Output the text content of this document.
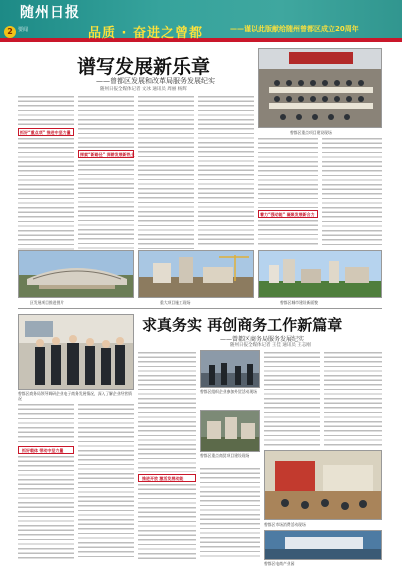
随州日报
2	要闻	品质 · 奋进之曾都	——谨以此版献给随州曾都区成立20周年
谱写发展新乐章
——曾都区发展和改革局服务发展纪实
随州日报全媒体记者 文冰 通讯员 周丽 杨辉
曾都区重点项目建设现场
抓好“重点项” 推进中坚力量
探索“新路径” 深耕发展新热土
着力“强动能” 凝聚发展新合力
区发展项目推进图片	重大项目施工现场	曾都区城市建设新面貌
求真务实 再创商务工作新篇章
——曾都区商务局服务发展纪实
随州日报全媒体记者 王佳 通讯员 王志刚
曾都区商务局领导调研企业电子商务发展情况，深入了解企业经营情况
抓好载体 带动中坚力量
推进开放 激活发展动能
曾都区组织企业参加外贸活动现场
曾都区重点商贸项目建设现场
曾都区市场消费活动现场
曾都区电商产业园
